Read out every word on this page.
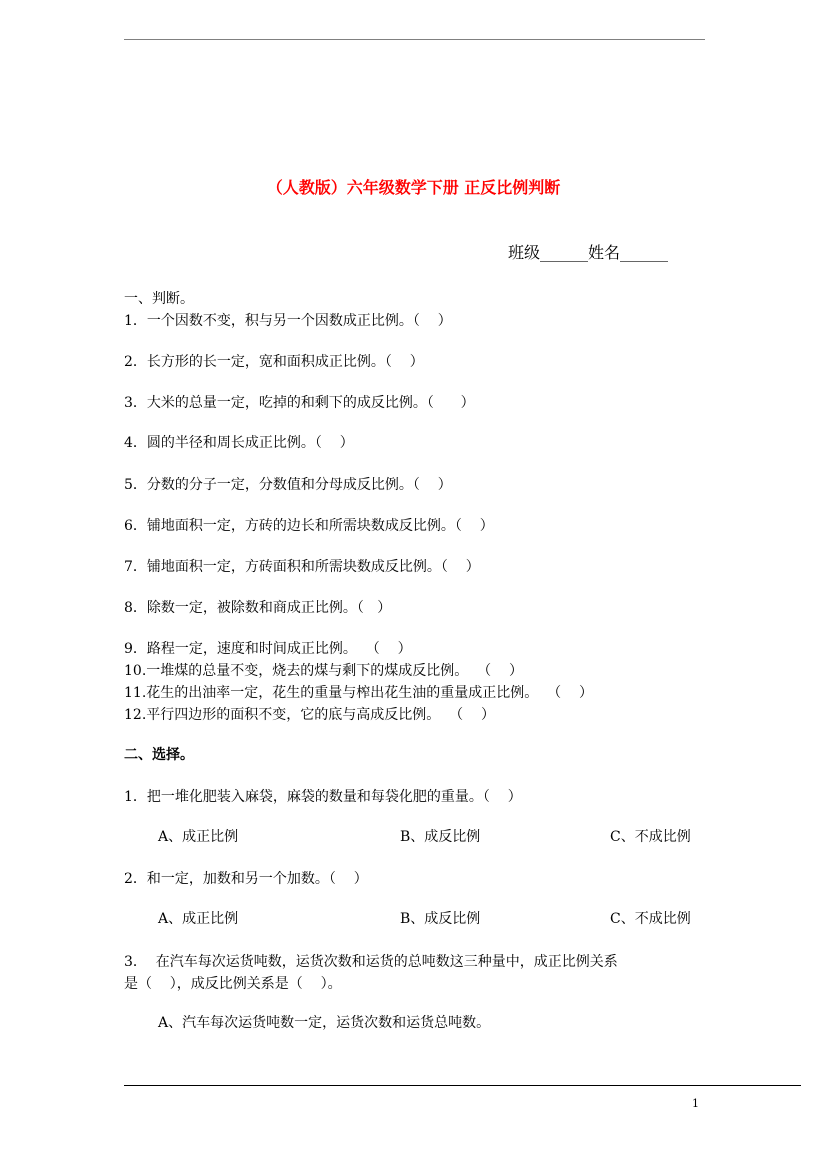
（人教版）六年级数学下册 正反比例判断
班级______姓名______
一、判断。
1．一个因数不变，积与另一个因数成正比例。（    ）
2．长方形的长一定，宽和面积成正比例。（    ）
3．大米的总量一定，吃掉的和剩下的成反比例。（      ）
4．圆的半径和周长成正比例。（    ）
5．分数的分子一定，分数值和分母成反比例。（    ）
6．铺地面积一定，方砖的边长和所需块数成反比例。（    ）
7．铺地面积一定，方砖面积和所需块数成反比例。（    ）
8．除数一定，被除数和商成正比例。（   ）
9．路程一定，速度和时间成正比例。  （    ）
10.一堆煤的总量不变，烧去的煤与剩下的煤成反比例。  （    ）
11.花生的出油率一定，花生的重量与榨出花生油的重量成正比例。  （    ）
12.平行四边形的面积不变，它的底与高成反比例。  （    ）
二、选择。
1．把一堆化肥装入麻袋，麻袋的数量和每袋化肥的重量。（    ）
A、成正比例	B、成反比例	C、不成比例
2．和一定，加数和另一个加数。（    ）
A、成正比例	B、成反比例	C、不成比例
3．  在汽车每次运货吨数，运货次数和运货的总吨数这三种量中，成正比例关系
是（    ），成反比例关系是（    ）。
A、汽车每次运货吨数一定，运货次数和运货总吨数。
1
